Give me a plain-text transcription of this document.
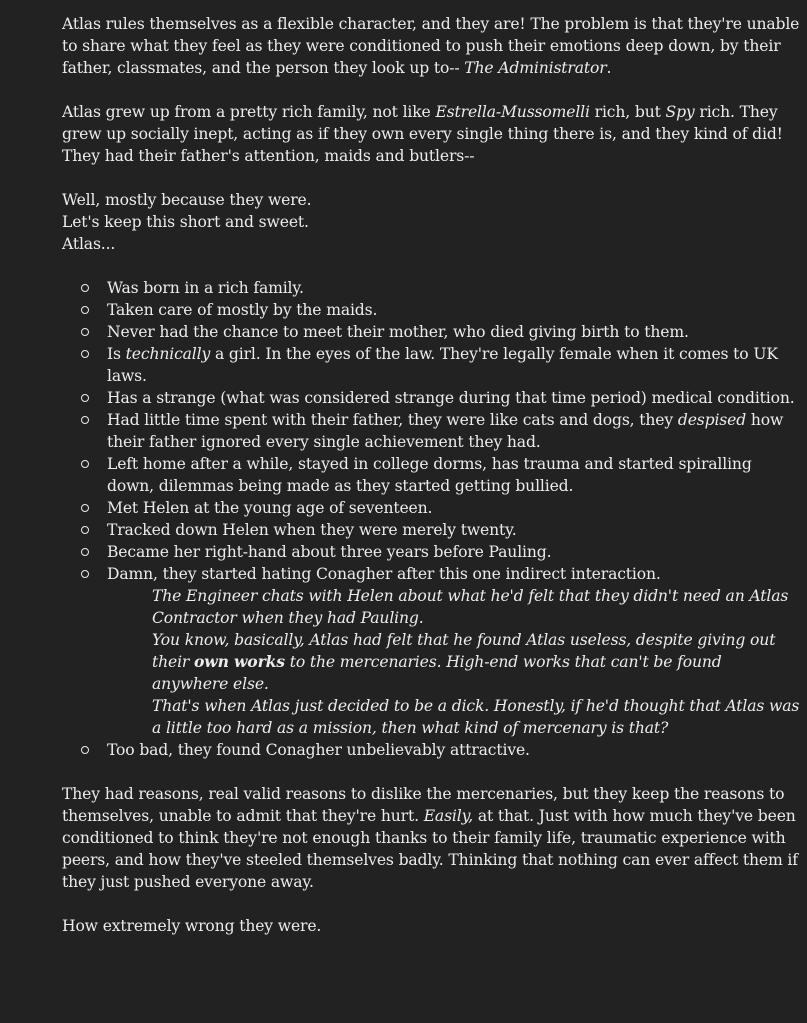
Atlas rules themselves as a flexible character, and they are! The problem is that they're unable to share what they feel as they were conditioned to push their emotions deep down, by their father, classmates, and the person they look up to-- The Administrator.

Atlas grew up from a pretty rich family, not like Estrella-Mussomelli rich, but Spy rich. They grew up socially inept, acting as if they own every single thing there is, and they kind of did! They had their father's attention, maids and butlers--

Well, mostly because they were.
Let's keep this short and sweet.
Atlas...

Was born in a rich family.
Taken care of mostly by the maids.
Never had the chance to meet their mother, who died giving birth to them.
Is technically a girl. In the eyes of the law. They're legally female when it comes to UK laws.
Has a strange (what was considered strange during that time period) medical condition.
Had little time spent with their father, they were like cats and dogs, they despised how their father ignored every single achievement they had.
Left home after a while, stayed in college dorms, has trauma and started spiralling down, dilemmas being made as they started getting bullied.
Met Helen at the young age of seventeen.
Tracked down Helen when they were merely twenty.
Became her right-hand about three years before Pauling.
Damn, they started hating Conagher after this one indirect interaction.
The Engineer chats with Helen about what he'd felt that they didn't need an Atlas Contractor when they had Pauling.
You know, basically, Atlas had felt that he found Atlas useless, despite giving out their own works to the mercenaries. High-end works that can't be found anywhere else.
That's when Atlas just decided to be a dick. Honestly, if he'd thought that Atlas was a little too hard as a mission, then what kind of mercenary is that?
Too bad, they found Conagher unbelievably attractive.

They had reasons, real valid reasons to dislike the mercenaries, but they keep the reasons to themselves, unable to admit that they're hurt. Easily, at that. Just with how much they've been conditioned to think they're not enough thanks to their family life, traumatic experience with peers, and how they've steeled themselves badly. Thinking that nothing can ever affect them if they just pushed everyone away.

How extremely wrong they were.
